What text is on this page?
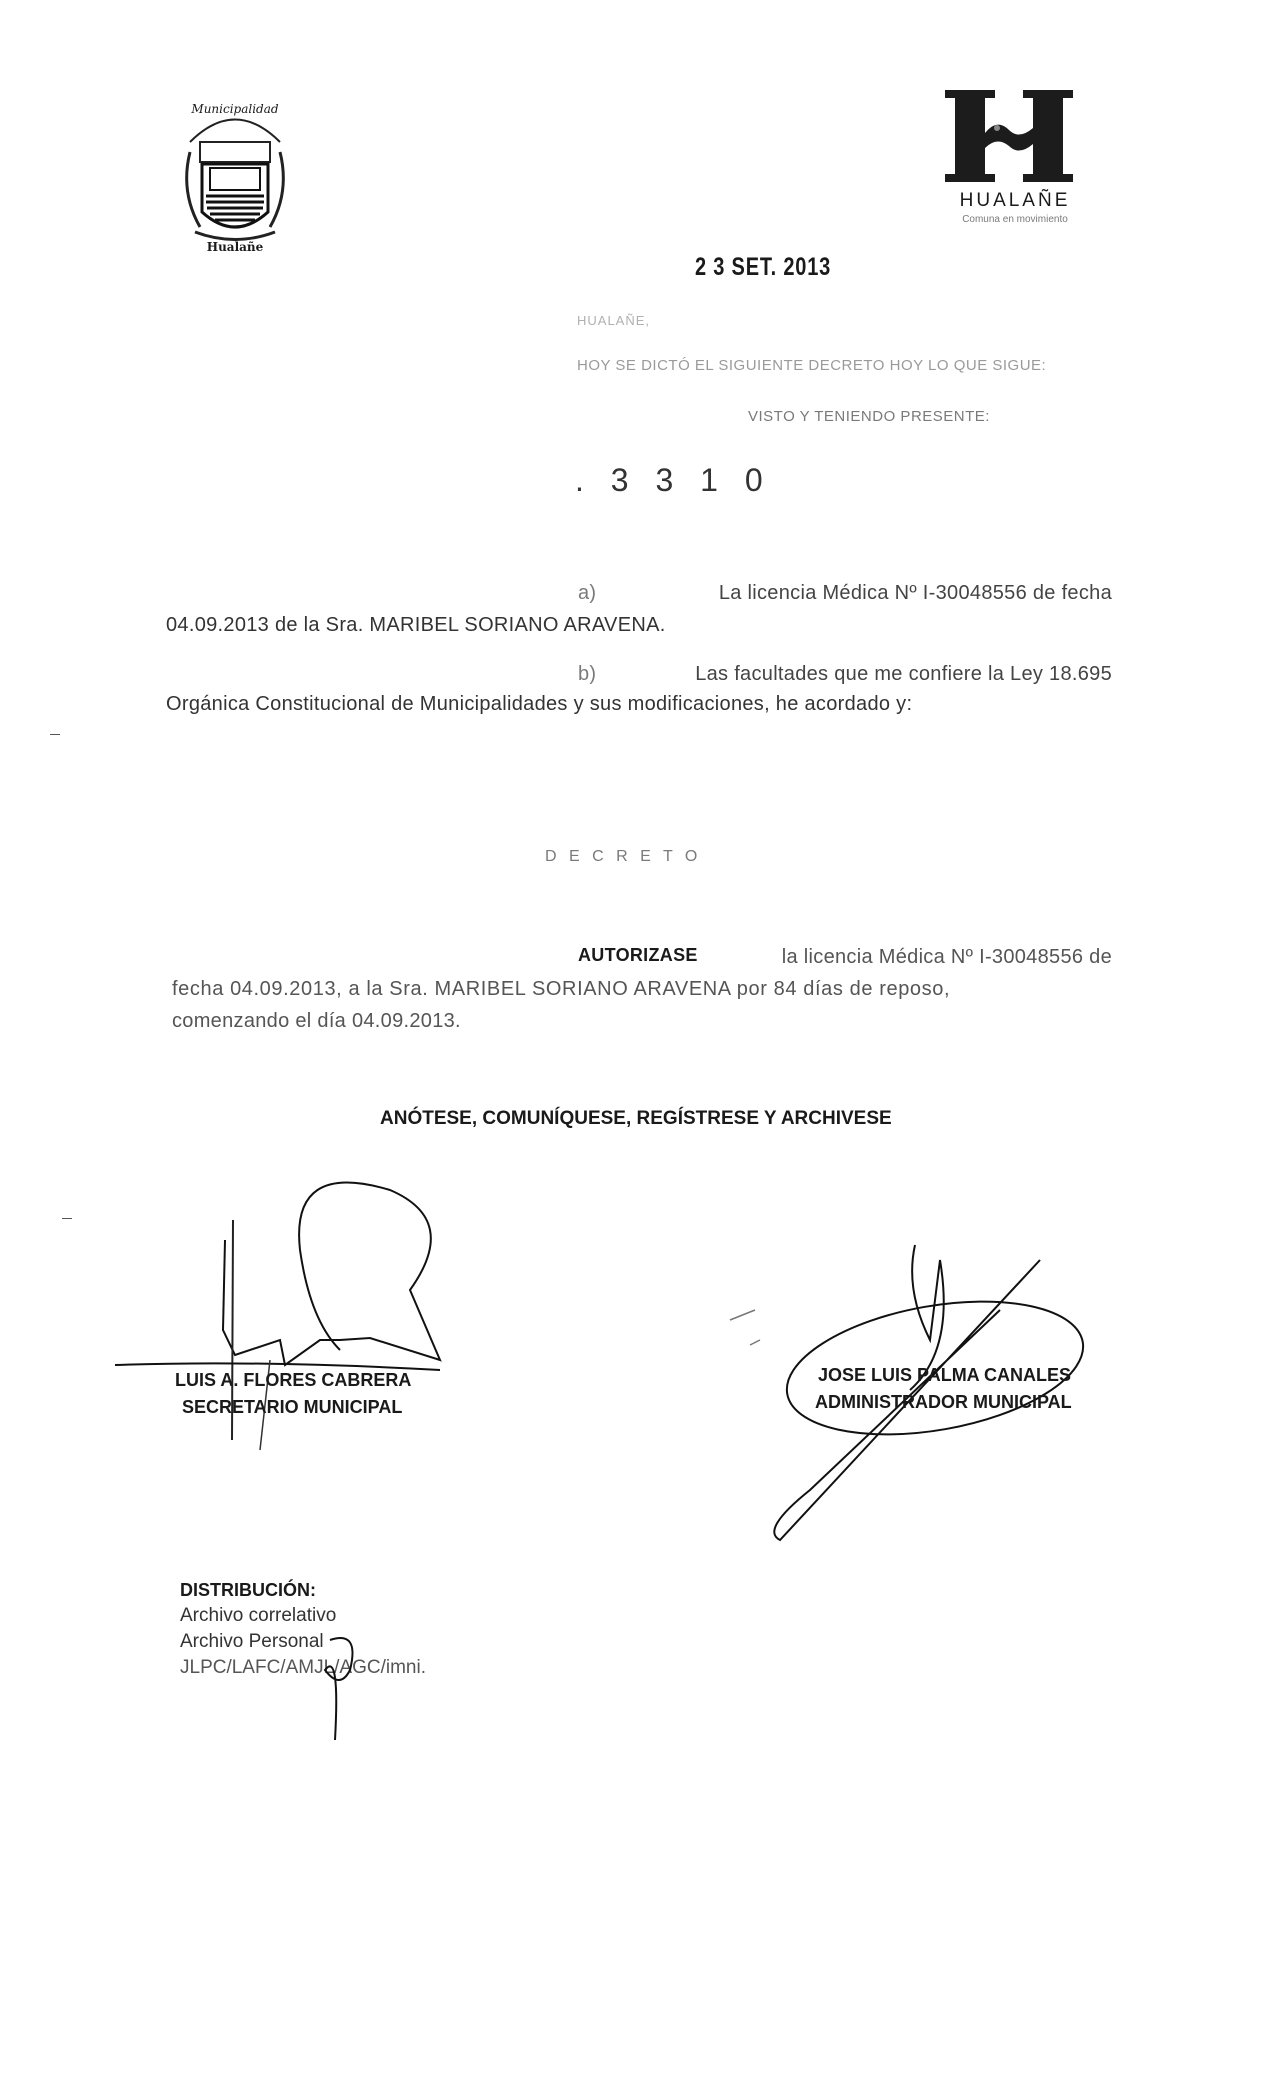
Municipalidad
Hualañe
HUALAÑE
Comuna en movimiento
2 3 SET. 2013
HUALAÑE,
HOY SE DICTÓ EL SIGUIENTE DECRETO HOY LO QUE SIGUE:
VISTO Y TENIENDO PRESENTE:
. 3 3 1 0
a)	La licencia Médica Nº I-30048556 de fecha
04.09.2013 de la Sra. MARIBEL SORIANO ARAVENA.
b)	Las facultades que me confiere la Ley 18.695
Orgánica Constitucional de Municipalidades y sus modificaciones, he acordado y:
D E C R E T O
AUTORIZASE	la licencia Médica Nº I-30048556 de
fecha 04.09.2013, a la Sra. MARIBEL SORIANO ARAVENA por 84 días de reposo,
comenzando el día 04.09.2013.
ANÓTESE, COMUNÍQUESE, REGÍSTRESE Y ARCHIVESE
LUIS A. FLORES CABRERA
SECRETARIO MUNICIPAL
JOSE LUIS PALMA CANALES
ADMINISTRADOR MUNICIPAL
DISTRIBUCIÓN:
Archivo correlativo
Archivo Personal
JLPC/LAFC/AMJL/AGC/imni.
